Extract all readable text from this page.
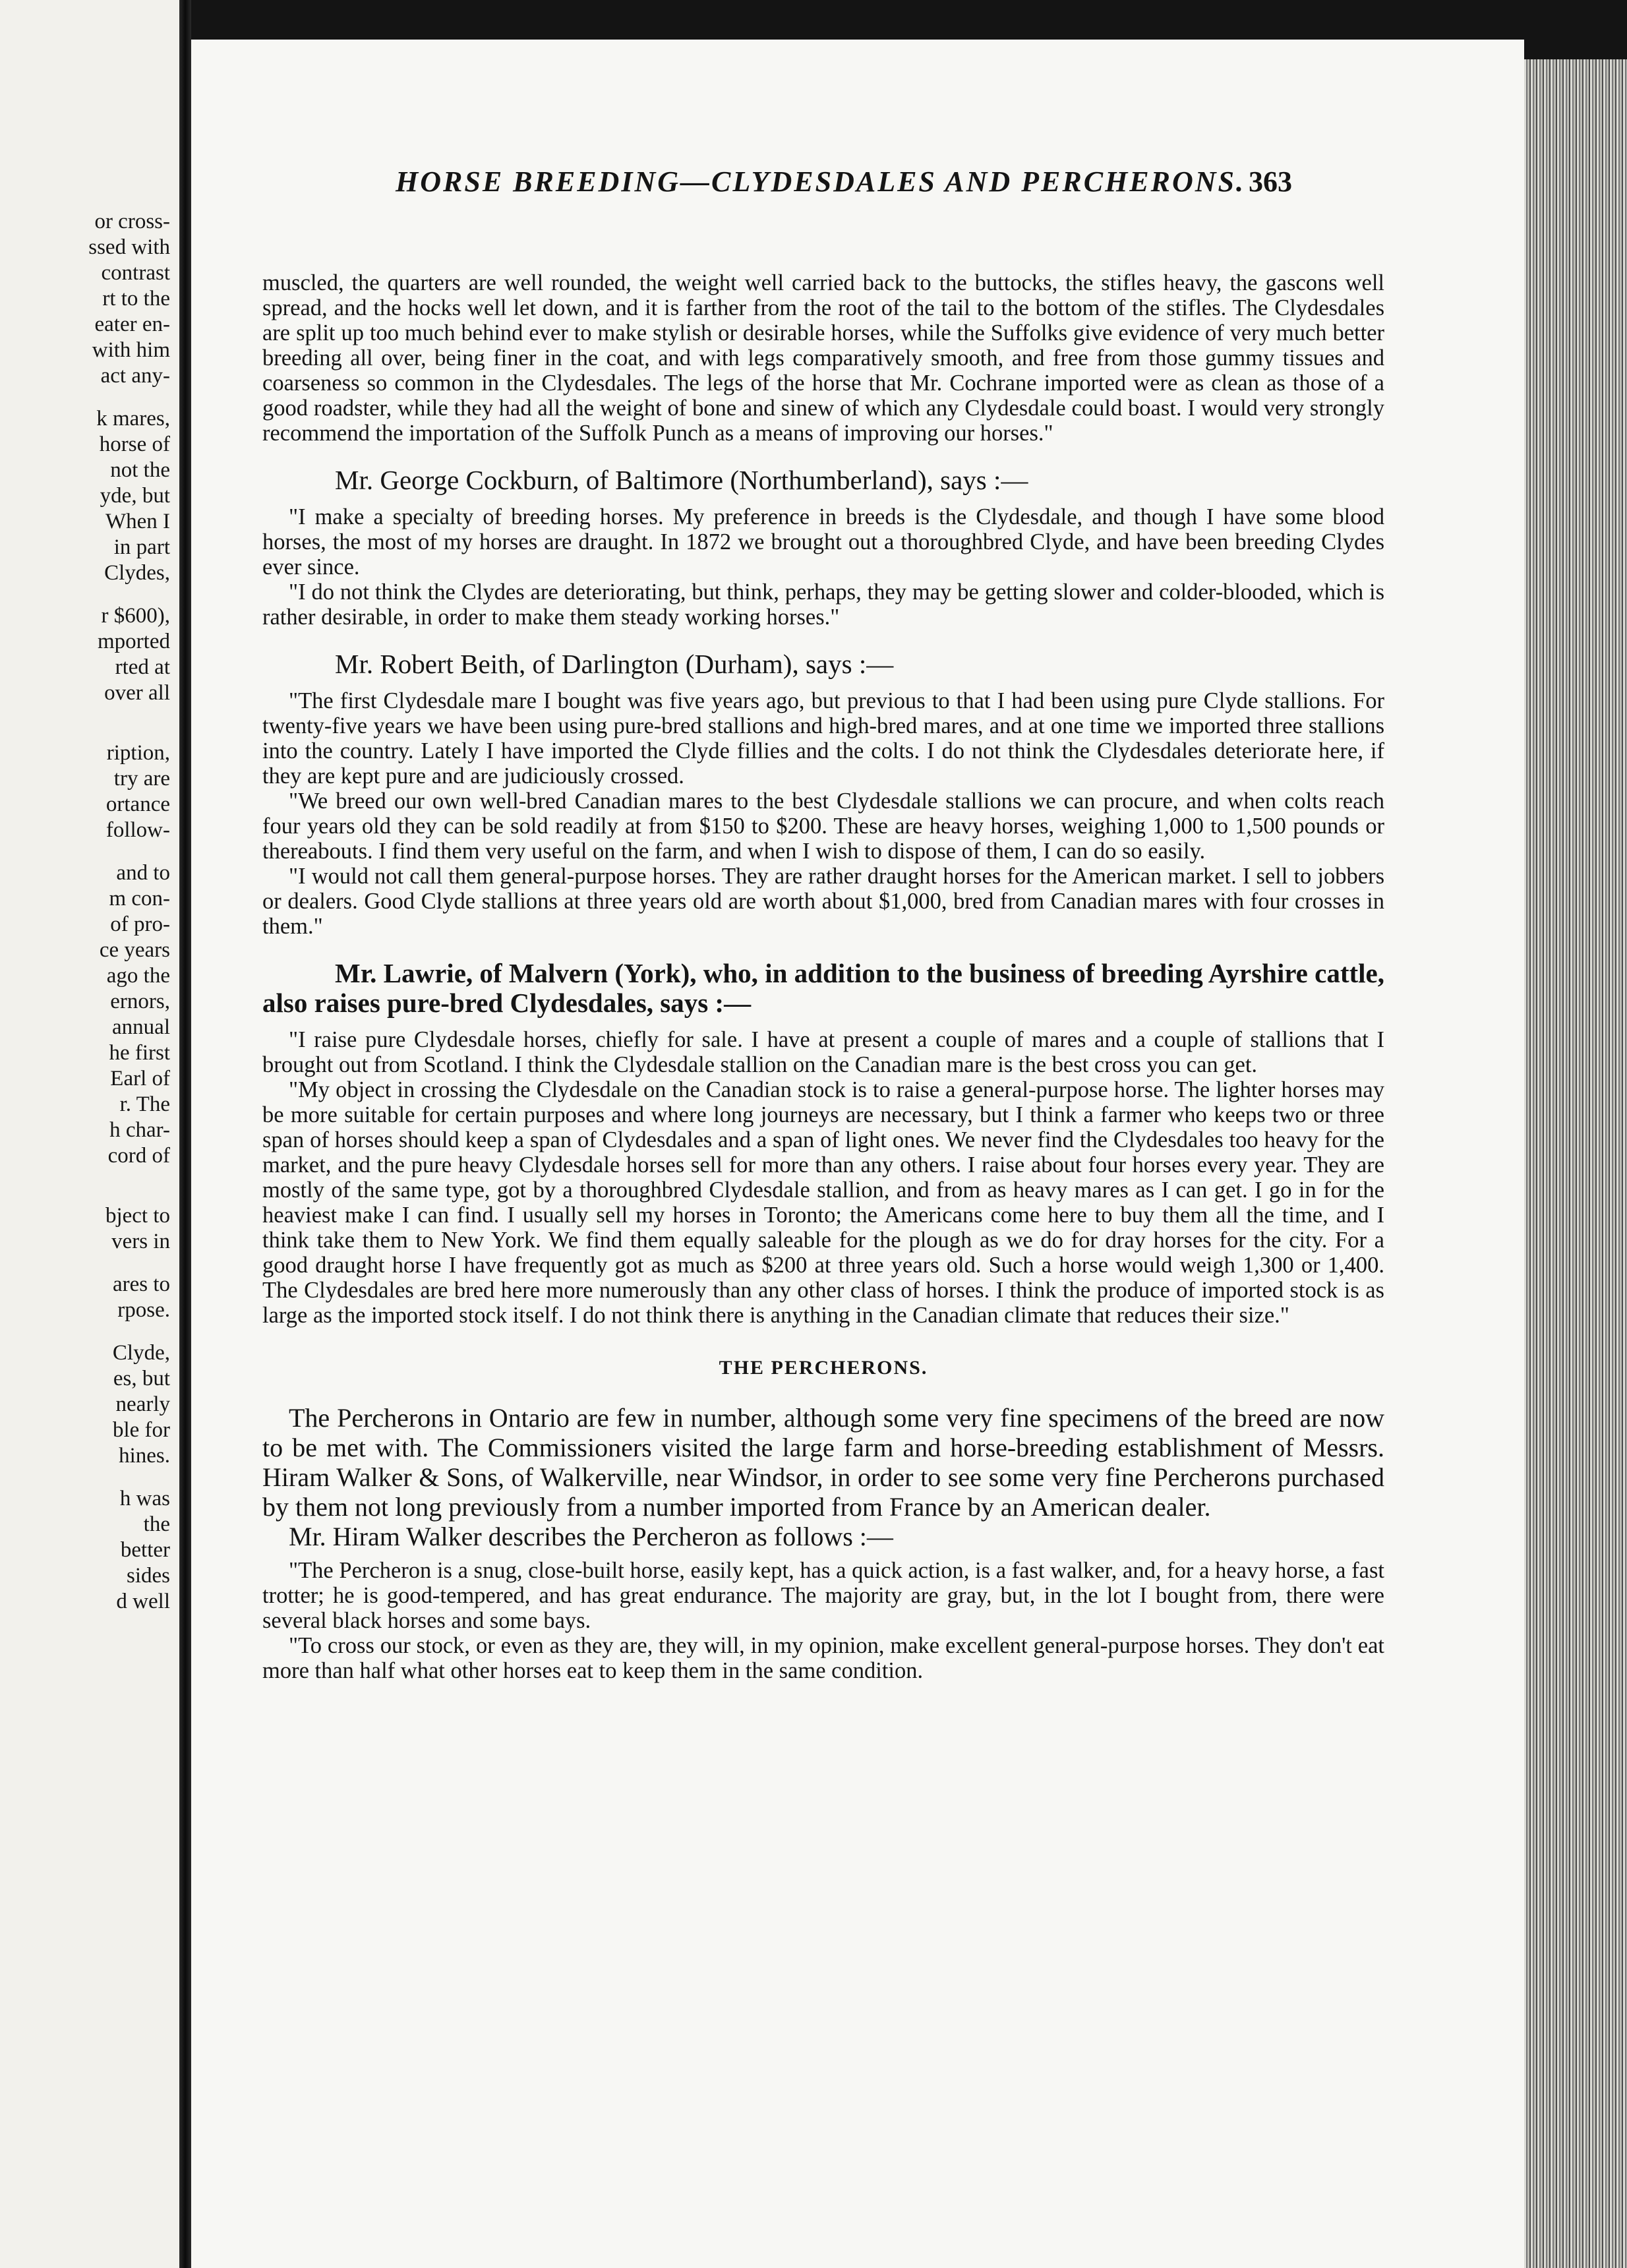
or cross-
ssed with
contrast
rt to the
eater en-
with him
act any-
k mares,
horse of
not the
yde, but
When I
in part
Clydes,
r $600),
mported
rted at
over all
ription,
try are
ortance
follow-
and to
m con-
of pro-
ce years
ago the
ernors,
annual
he first
Earl of
r. The
h char-
cord of
bject to
vers in
ares to
rpose.
Clyde,
es, but
nearly
ble for
hines.
h was
the
better
sides
d well
HORSE BREEDING—CLYDESDALES AND PERCHERONS. 363

muscled, the quarters are well rounded, the weight well carried back to the buttocks, the stifles heavy, the gascons well spread, and the hocks well let down, and it is farther from the root of the tail to the bottom of the stifles. The Clydesdales are split up too much behind ever to make stylish or desirable horses, while the Suffolks give evidence of very much better breeding all over, being finer in the coat, and with legs comparatively smooth, and free from those gummy tissues and coarseness so common in the Clydesdales. The legs of the horse that Mr. Cochrane imported were as clean as those of a good roadster, while they had all the weight of bone and sinew of which any Clydesdale could boast. I would very strongly recommend the importation of the Suffolk Punch as a means of improving our horses."

Mr. George Cockburn, of Baltimore (Northumberland), says :—

"I make a specialty of breeding horses. My preference in breeds is the Clydesdale, and though I have some blood horses, the most of my horses are draught. In 1872 we brought out a thoroughbred Clyde, and have been breeding Clydes ever since.

"I do not think the Clydes are deteriorating, but think, perhaps, they may be getting slower and colder-blooded, which is rather desirable, in order to make them steady working horses."

Mr. Robert Beith, of Darlington (Durham), says :—

"The first Clydesdale mare I bought was five years ago, but previous to that I had been using pure Clyde stallions. For twenty-five years we have been using pure-bred stallions and high-bred mares, and at one time we imported three stallions into the country. Lately I have imported the Clyde fillies and the colts. I do not think the Clydesdales deteriorate here, if they are kept pure and are judiciously crossed.

"We breed our own well-bred Canadian mares to the best Clydesdale stallions we can procure, and when colts reach four years old they can be sold readily at from $150 to $200. These are heavy horses, weighing 1,000 to 1,500 pounds or thereabouts. I find them very useful on the farm, and when I wish to dispose of them, I can do so easily.

"I would not call them general-purpose horses. They are rather draught horses for the American market. I sell to jobbers or dealers. Good Clyde stallions at three years old are worth about $1,000, bred from Canadian mares with four crosses in them."

Mr. Lawrie, of Malvern (York), who, in addition to the business of breeding Ayrshire cattle, also raises pure-bred Clydesdales, says :—

"I raise pure Clydesdale horses, chiefly for sale. I have at present a couple of mares and a couple of stallions that I brought out from Scotland. I think the Clydesdale stallion on the Canadian mare is the best cross you can get.

"My object in crossing the Clydesdale on the Canadian stock is to raise a general-purpose horse. The lighter horses may be more suitable for certain purposes and where long journeys are necessary, but I think a farmer who keeps two or three span of horses should keep a span of Clydesdales and a span of light ones. We never find the Clydesdales too heavy for the market, and the pure heavy Clydesdale horses sell for more than any others. I raise about four horses every year. They are mostly of the same type, got by a thoroughbred Clydesdale stallion, and from as heavy mares as I can get. I go in for the heaviest make I can find. I usually sell my horses in Toronto; the Americans come here to buy them all the time, and I think take them to New York. We find them equally saleable for the plough as we do for dray horses for the city. For a good draught horse I have frequently got as much as $200 at three years old. Such a horse would weigh 1,300 or 1,400. The Clydesdales are bred here more numerously than any other class of horses. I think the produce of imported stock is as large as the imported stock itself. I do not think there is anything in the Canadian climate that reduces their size."

THE PERCHERONS.

The Percherons in Ontario are few in number, although some very fine specimens of the breed are now to be met with. The Commissioners visited the large farm and horse-breeding establishment of Messrs. Hiram Walker & Sons, of Walkerville, near Windsor, in order to see some very fine Percherons purchased by them not long previously from a number imported from France by an American dealer.

Mr. Hiram Walker describes the Percheron as follows :—

"The Percheron is a snug, close-built horse, easily kept, has a quick action, is a fast walker, and, for a heavy horse, a fast trotter; he is good-tempered, and has great endurance. The majority are gray, but, in the lot I bought from, there were several black horses and some bays.

"To cross our stock, or even as they are, they will, in my opinion, make excellent general-purpose horses. They don't eat more than half what other horses eat to keep them in the same condition.
